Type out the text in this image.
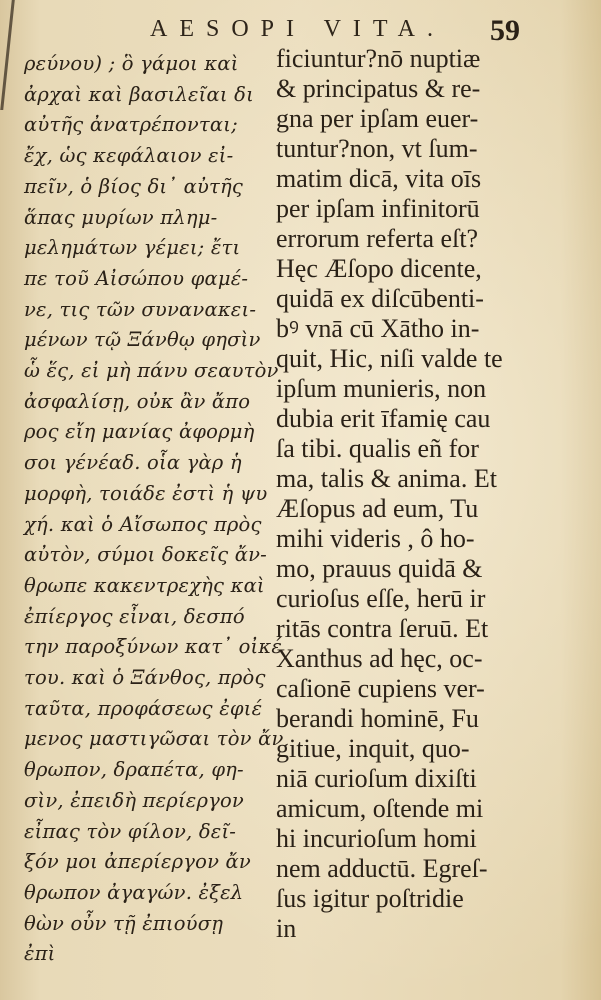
AESOPI VITA. 59
ρεύνου) ; ὃ γάμοι καὶ
ἀρχαὶ καὶ βασιλεῖαι δι
αὐτῆς ἀνατρέπονται;
ἔχ, ὡς κεφάλαιον εἰ-
πεῖν, ὁ βίος δι᾽ αὐτῆς
ἅπας μυρίων πλημ-
μελημάτων γέμει; ἔτι
πε τοῦ Αἰσώπου φαμέ-
νε, τις τῶν συνανακει-
μένων τῷ Ξάνθῳ φησὶν
ὧ ἕς, εἰ μὴ πάνυ σεαυτὸν
ἀσφαλίσῃ, οὐκ ἂν ἄπο
ρος εἴη μανίας ἀφορμὴ
σοι γένέαδ. οἷα γὰρ ἡ
μορφὴ, τοιάδε ἐστὶ ἡ ψυ
χή. καὶ ὁ Αἴσωπος πρὸς
αὐτὸν, σύμοι δοκεῖς ἄν-
θρωπε κακεντρεχὴς καὶ
ἐπίεργος εἶναι, δεσπό
την παροξύνων κατ᾽ οἰκέ
του. καὶ ὁ Ξάνθος, πρὸς
ταῦτα, προφάσεως ἐφιέ
μενος μαστιγῶσαι τὸν ἄν
θρωπον, δραπέτα, φη-
σὶν, ἐπειδὴ περίεργον
εἶπας τὸν φίλον, δεῖ-
ξόν μοι ἀπερίεργον ἄν
θρωπον ἀγαγών. ἐξελ
θὼν οὖν τῇ ἐπιούσῃ
ἐπὶ
ficiuntur?nō nuptiæ
& principatus & re-
gna per ipſam euer-
tuntur?non, vt ſum-
matim dicā, vita oīs
per ipſam infinitorū
errorum referta eſt?
Hęc Æſopo dicente,
quidā ex diſcūbenti-
bꝰ vnā cū Xātho in-
quit, Hic, niſi valde te
ipſum munieris, non
dubia erit īfamię cau
ſa tibi. qualis eñ for
ma, talis & anima. Et
Æſopus ad eum, Tu
mihi videris , ô ho-
mo, prauus quidā &
curioſus eſſe, herū ir
ritās contra ſeruū. Et
Xanthus ad hęc, oc-
caſionē cupiens ver-
berandi hominē, Fu
gitiue, inquit, quo-
niā curioſum dixiſti
amicum, oſtende mi
hi incurioſum homi
nem adductū. Egreſ-
ſus igitur poſtridie
in
